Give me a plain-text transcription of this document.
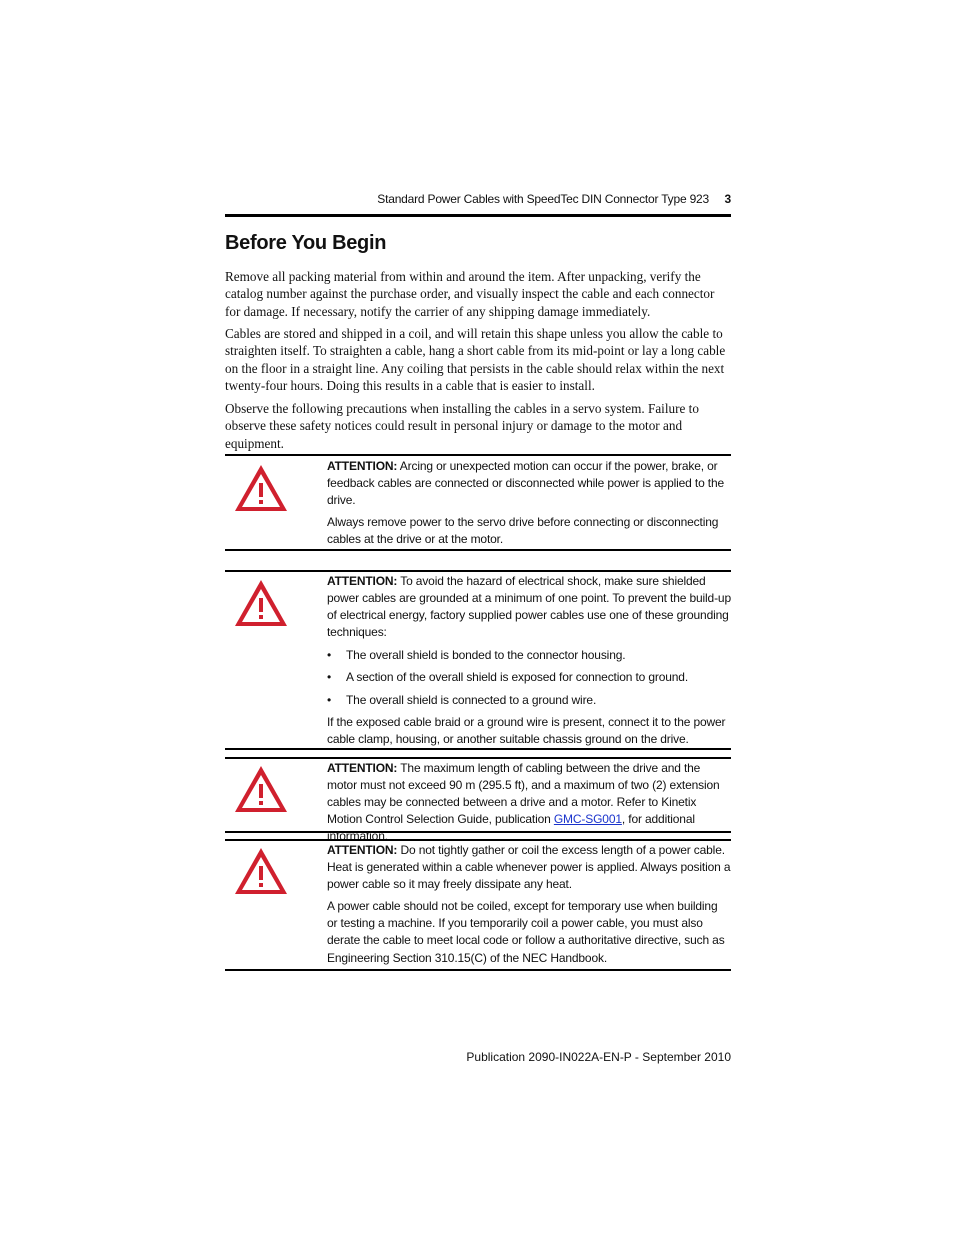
Standard Power Cables with SpeedTec DIN Connector Type 923 3
Before You Begin

Remove all packing material from within and around the item. After unpacking, verify the catalog number against the purchase order, and visually inspect the cable and each connector for damage. If necessary, notify the carrier of any shipping damage immediately.

Cables are stored and shipped in a coil, and will retain this shape unless you allow the cable to straighten itself. To straighten a cable, hang a short cable from its mid-point or lay a long cable on the floor in a straight line. Any coiling that persists in the cable should relax within the next twenty-four hours. Doing this results in a cable that is easier to install.

Observe the following precautions when installing the cables in a servo system. Failure to observe these safety notices could result in personal injury or damage to the motor and equipment.

ATTENTION: Arcing or unexpected motion can occur if the power, brake, or feedback cables are connected or disconnected while power is applied to the drive.

Always remove power to the servo drive before connecting or disconnecting cables at the drive or at the motor.

ATTENTION: To avoid the hazard of electrical shock, make sure shielded power cables are grounded at a minimum of one point. To prevent the build-up of electrical energy, factory supplied power cables use one of these grounding techniques:

• The overall shield is bonded to the connector housing.
• A section of the overall shield is exposed for connection to ground.
• The overall shield is connected to a ground wire.

If the exposed cable braid or a ground wire is present, connect it to the power cable clamp, housing, or another suitable chassis ground on the drive.

ATTENTION: The maximum length of cabling between the drive and the motor must not exceed 90 m (295.5 ft), and a maximum of two (2) extension cables may be connected between a drive and a motor. Refer to Kinetix Motion Control Selection Guide, publication GMC-SG001, for additional information.

ATTENTION: Do not tightly gather or coil the excess length of a power cable. Heat is generated within a cable whenever power is applied. Always position a power cable so it may freely dissipate any heat.

A power cable should not be coiled, except for temporary use when building or testing a machine. If you temporarily coil a power cable, you must also derate the cable to meet local code or follow a authoritative directive, such as Engineering Section 310.15(C) of the NEC Handbook.

Publication 2090-IN022A-EN-P - September 2010
